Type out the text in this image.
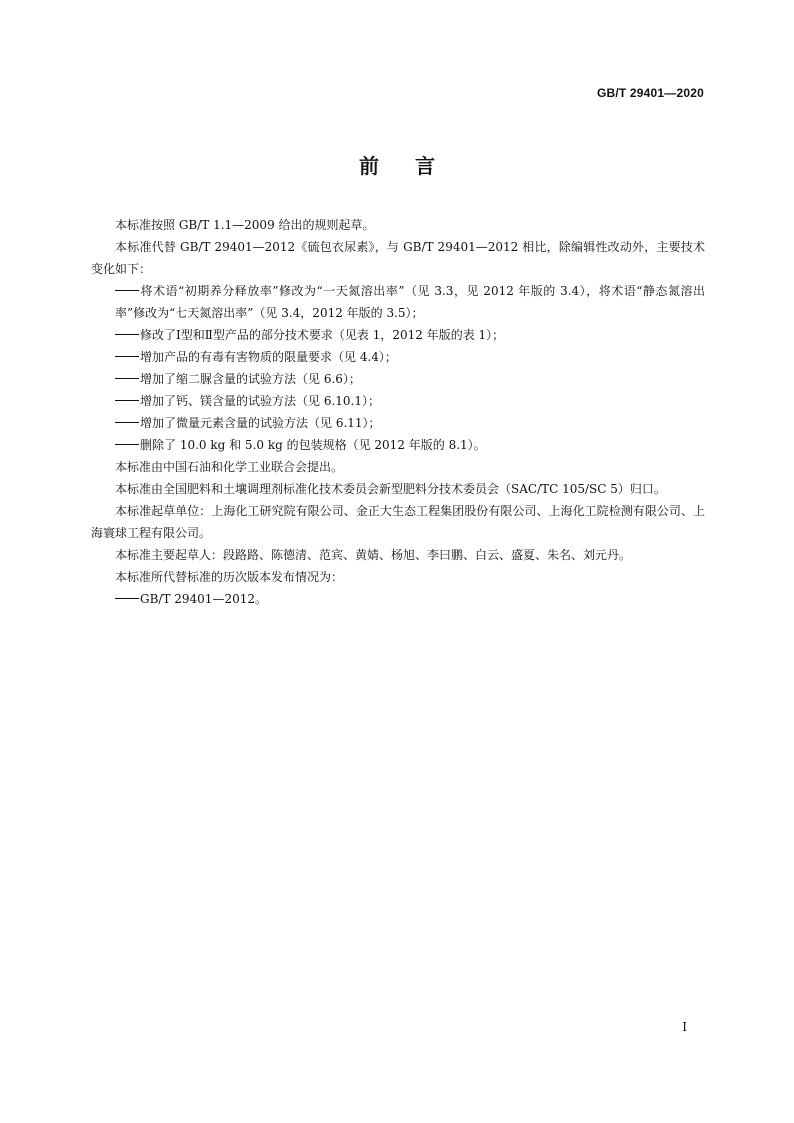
GB/T 29401—2020
前言

本标准按照 GB/T 1.1—2009 给出的规则起草。

本标准代替 GB/T 29401—2012《硫包衣尿素》，与 GB/T 29401—2012 相比，除编辑性改动外，主要技术变化如下：

将术语“初期养分释放率”修改为“一天氮溶出率”（见 3.3，见 2012 年版的 3.4），将术语“静态氮溶出率”修改为“七天氮溶出率”（见 3.4，2012 年版的 3.5）；

修改了Ⅰ型和Ⅱ型产品的部分技术要求（见表 1，2012 年版的表 1）；

增加产品的有毒有害物质的限量要求（见 4.4）；

增加了缩二脲含量的试验方法（见 6.6）；

增加了钙、镁含量的试验方法（见 6.10.1）；

增加了微量元素含量的试验方法（见 6.11）；

删除了 10.0 kg 和 5.0 kg 的包装规格（见 2012 年版的 8.1）。

本标准由中国石油和化学工业联合会提出。

本标准由全国肥料和土壤调理剂标准化技术委员会新型肥料分技术委员会（SAC/TC 105/SC 5）归口。

本标准起草单位：上海化工研究院有限公司、金正大生态工程集团股份有限公司、上海化工院检测有限公司、上海寰球工程有限公司。

本标准主要起草人：段路路、陈德清、范宾、黄婧、杨旭、李曰鹏、白云、盛夏、朱名、刘元丹。

本标准所代替标准的历次版本发布情况为：

GB/T 29401—2012。

I
